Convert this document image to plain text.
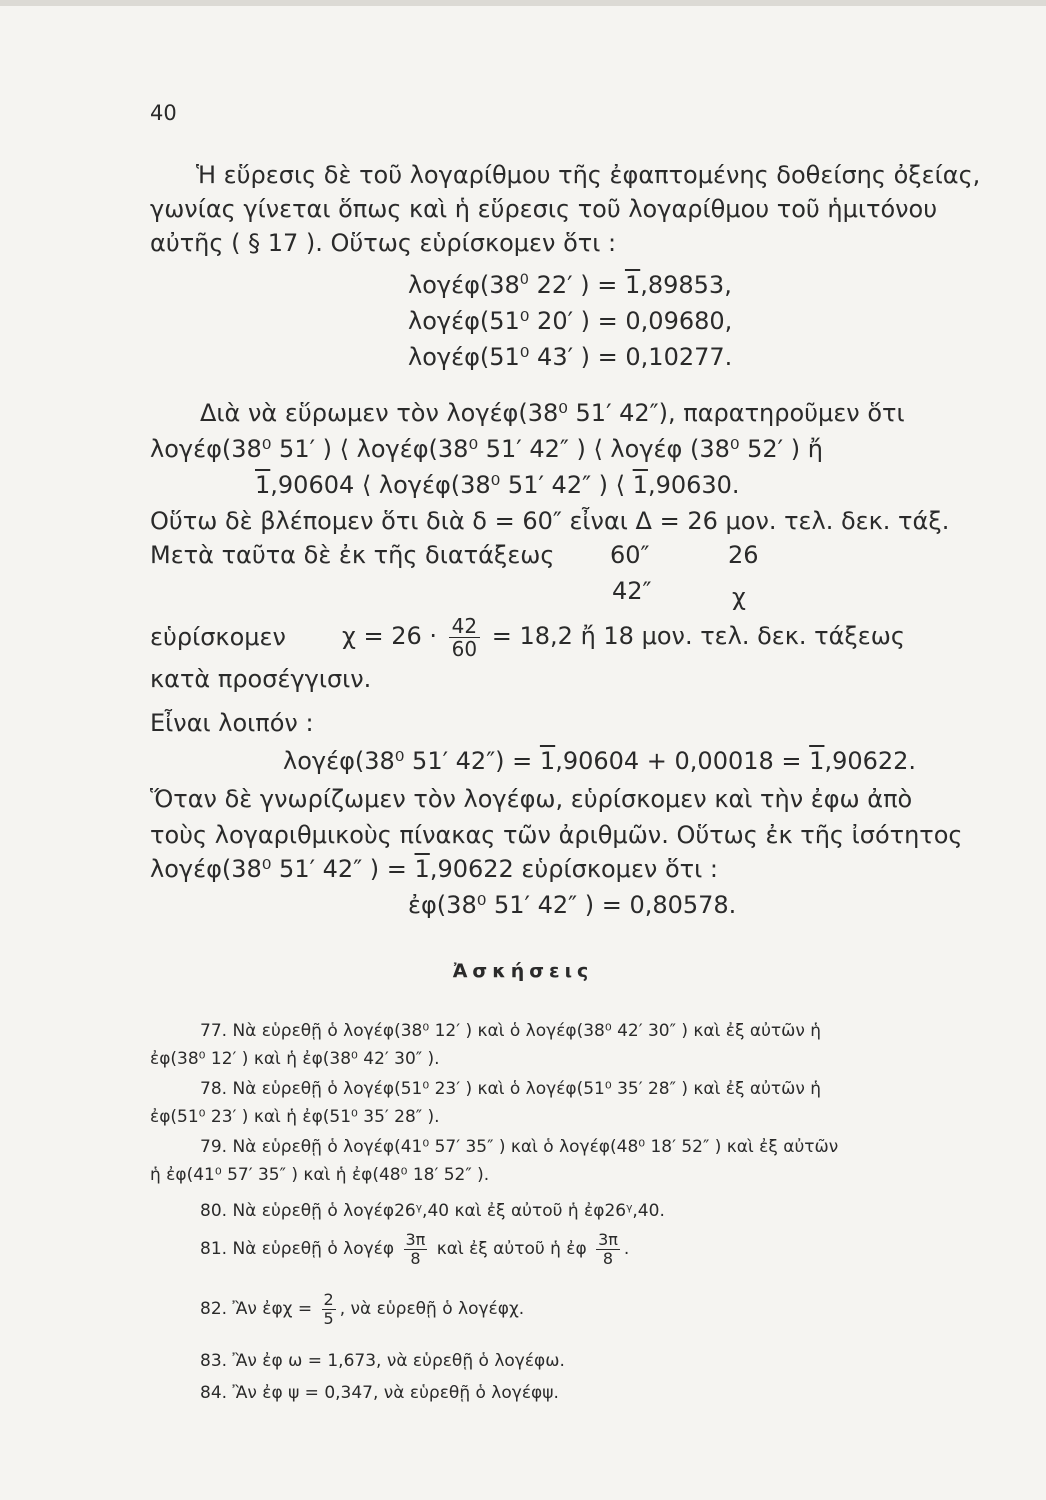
40
Ἡ εὕρεσις δὲ τοῦ λογαρίθμου τῆς ἐφαπτομένης δοθείσης ὀξείας,
γωνίας γίνεται ὅπως καὶ ἡ εὕρεσις τοῦ λογαρίθμου τοῦ ἡμιτόνου
αὐτῆς ( § 17 ). Οὕτως εὑρίσκομεν ὅτι :
$\lambda o\gamma έ\varphi(38^0$ 22′ ) = 1,89853,
λογέφ(51⁰ 20′ ) = 0,09680,
λογέφ(51⁰ 43′ ) = 0,10277.
Διὰ νὰ εὕρωμεν τὸν λογέφ(38⁰ 51′ 42″), παρατηροῦμεν ὅτι
λογέφ(38⁰ 51′ ) ⟨ λογέφ(38⁰ 51′ 42″ ) ⟨ λογέφ (38⁰ 52′ ) ἤ
1,90604 ⟨ λογέφ(38⁰ 51′ 42″ ) ⟨ 1,90630.
Οὕτω δὲ βλέπομεν ὅτι διὰ δ = 60″ εἶναι Δ = 26 μον. τελ. δεκ. τάξ.
Μετὰ ταῦτα δὲ ἐκ τῆς διατάξεως 60″	26
42″	χ
εὑρίσκομεν $\chi = 26 \cdot \frac{42}{60} = 18,2$ ἤ 18 μον. τελ. δεκ. τάξεως
κατὰ προσέγγισιν.
Εἶναι λοιπόν :
λογέφ(38⁰ 51′ 42″) = 1,90604 + 0,00018 = 1,90622.
Ὅταν δὲ γνωρίζωμεν τὸν λογέφω, εὑρίσκομεν καὶ τὴν ἐφω ἀπὸ
τοὺς λογαριθμικοὺς πίνακας τῶν ἀριθμῶν. Οὕτως ἐκ τῆς ἰσότητος
λογέφ(38⁰ 51′ 42″ ) = 1,90622 εὑρίσκομεν ὅτι :
ἐφ(38⁰ 51′ 42″ ) = 0,80578.
Ἀσκήσεις
77. Νὰ εὑρεθῇ ὁ λογέφ(38⁰ 12′ ) καὶ ὁ λογέφ(38⁰ 42′ 30″ ) καὶ ἐξ αὐτῶν ἡ
ἐφ(38⁰ 12′ ) καὶ ἡ ἐφ(38⁰ 42′ 30″ ).
78. Νὰ εὑρεθῇ ὁ λογέφ(51⁰ 23′ ) καὶ ὁ λογέφ(51⁰ 35′ 28″ ) καὶ ἐξ αὐτῶν ἡ
ἐφ(51⁰ 23′ ) καὶ ἡ ἐφ(51⁰ 35′ 28″ ).
79. Νὰ εὑρεθῇ ὁ λογέφ(41⁰ 57′ 35″ ) καὶ ὁ λογέφ(48⁰ 18′ 52″ ) καὶ ἐξ αὐτῶν
ἡ ἐφ(41⁰ 57′ 35″ ) καὶ ἡ ἐφ(48⁰ 18′ 52″ ).
80. Νὰ εὑρεθῇ ὁ λογέφ26ᵞ,40 καὶ ἐξ αὐτοῦ ἡ ἐφ26ᵞ,40.
81. Νὰ εὑρεθῇ ὁ λογέφ $\frac{3\pi}{8}$ καὶ ἐξ αὐτοῦ ἡ ἐφ $\frac{3\pi}{8}$ .
82. Ἂν ἐφχ = $\frac{2}{5}$ , νὰ εὑρεθῇ ὁ λογέφχ.
83. Ἂν ἐφ ω = 1,673, νὰ εὑρεθῇ ὁ λογέφω.
84. Ἂν ἐφ ψ = 0,347, νὰ εὑρεθῇ ὁ λογέφψ.
